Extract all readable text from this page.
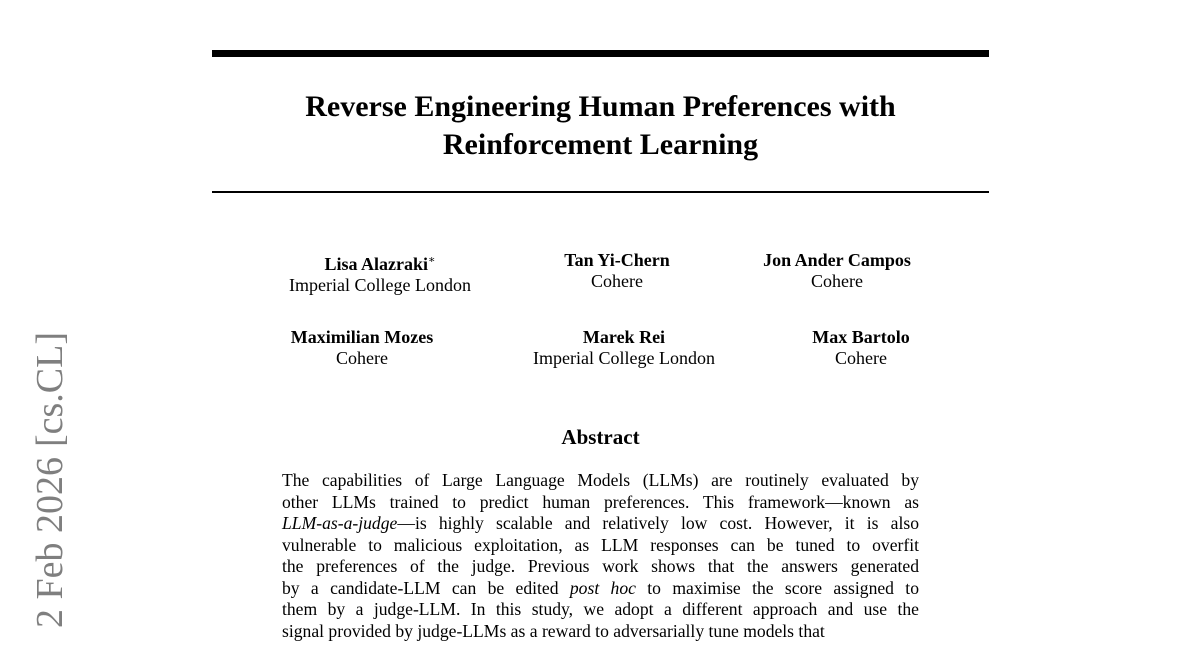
Reverse Engineering Human Preferences with
Reinforcement Learning
Lisa Alazraki∗
Imperial College London
Tan Yi-Chern
Cohere
Jon Ander Campos
Cohere
Maximilian Mozes
Cohere
Marek Rei
Imperial College London
Max Bartolo
Cohere
Abstract
The capabilities of Large Language Models (LLMs) are routinely evaluated by
other LLMs trained to predict human preferences. This framework—known as
LLM-as-a-judge—is highly scalable and relatively low cost. However, it is also
vulnerable to malicious exploitation, as LLM responses can be tuned to overfit
the preferences of the judge. Previous work shows that the answers generated
by a candidate-LLM can be edited post hoc to maximise the score assigned to
them by a judge-LLM. In this study, we adopt a different approach and use the
signal provided by judge-LLMs as a reward to adversarially tune models that
2 Feb 2026[cs.CL]
